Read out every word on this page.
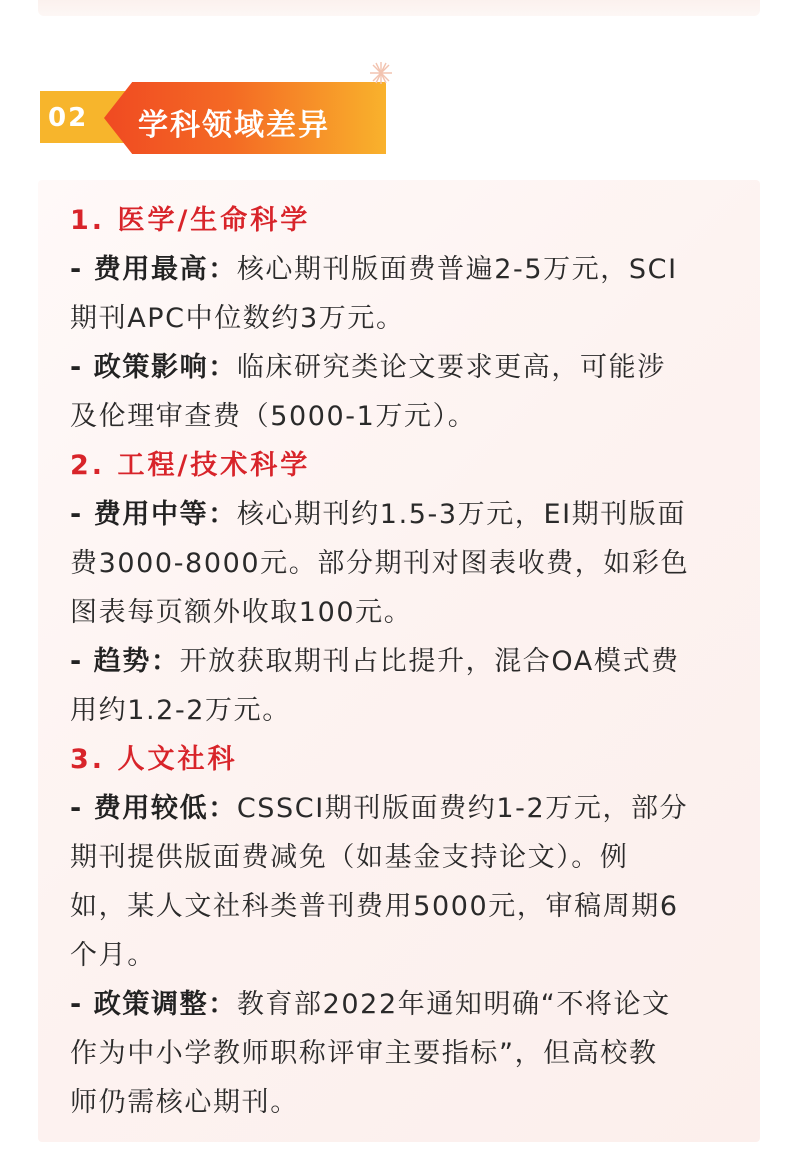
02 学科领域差异
1. 医学/生命科学
- 费用最高：核心期刊版面费普遍2-5万元，SCI
期刊APC中位数约3万元。
- 政策影响：临床研究类论文要求更高，可能涉
及伦理审查费（5000-1万元）。
2. 工程/技术科学
- 费用中等：核心期刊约1.5-3万元，EI期刊版面
费3000-8000元。部分期刊对图表收费，如彩色
图表每页额外收取100元。
- 趋势：开放获取期刊占比提升，混合OA模式费
用约1.2-2万元。
3. 人文社科
- 费用较低：CSSCI期刊版面费约1-2万元，部分
期刊提供版面费减免（如基金支持论文）。例
如，某人文社科类普刊费用5000元，审稿周期6
个月。
- 政策调整：教育部2022年通知明确“不将论文
作为中小学教师职称评审主要指标”，但高校教
师仍需核心期刊。
